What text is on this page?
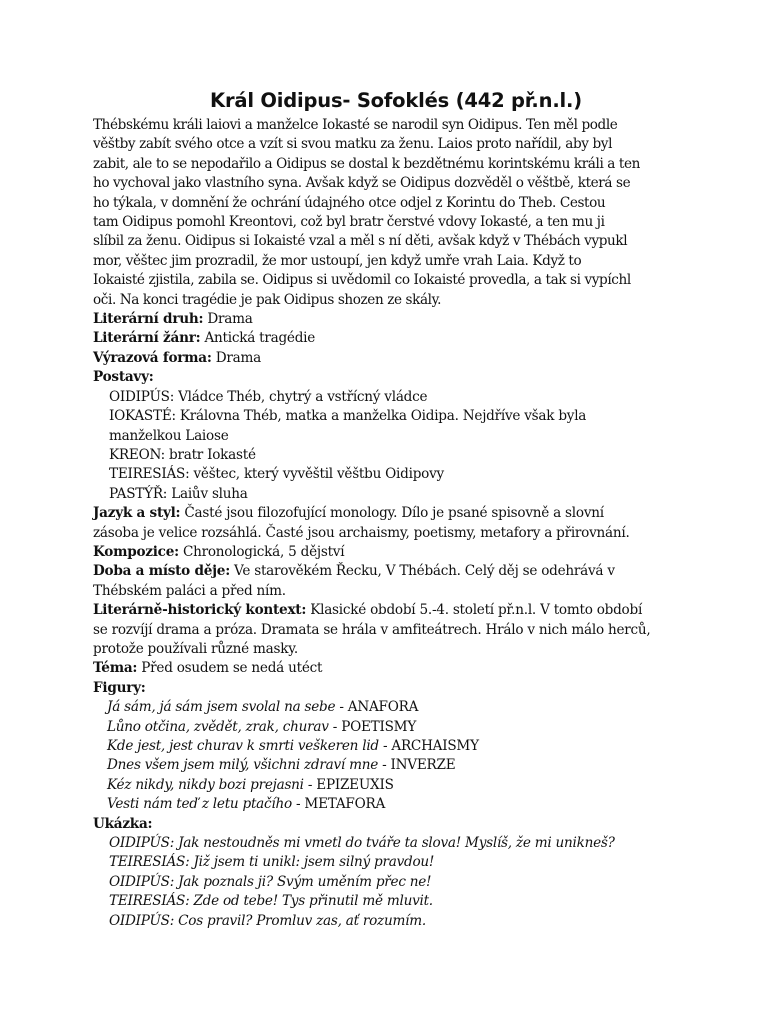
Král Oidipus- Sofoklés (442 př.n.l.)

Thébskému králi laiovi a manželce Iokasté se narodil syn Oidipus. Ten měl podle

věštby zabít svého otce a vzít si svou matku za ženu. Laios proto nařídil, aby byl

zabit, ale to se nepodařilo a Oidipus se dostal k bezdětnému korintskému králi a ten

ho vychoval jako vlastního syna. Avšak když se Oidipus dozvěděl o věštbě, která se

ho týkala, v domnění že ochrání údajného otce odjel z Korintu do Theb. Cestou

tam Oidipus pomohl Kreontovi, což byl bratr čerstvé vdovy Iokasté, a ten mu ji

slíbil za ženu. Oidipus si Iokaisté vzal a měl s ní děti, avšak když v Thébách vypukl

mor, věštec jim prozradil, že mor ustoupí, jen když umře vrah Laia. Když to

Iokaisté zjistila, zabila se. Oidipus si uvědomil co Iokaisté provedla, a tak si vypíchl

oči. Na konci tragédie je pak Oidipus shozen ze skály.

Literární druh: Drama

Literární žánr: Antická tragédie

Výrazová forma: Drama

Postavy:

OIDIPÚS: Vládce Théb, chytrý a vstřícný vládce

IOKASTÉ: Královna Théb, matka a manželka Oidipa. Nejdříve však byla

manželkou Laiose

KREON: bratr Iokasté

TEIRESIÁS: věštec, který vyvěštil věštbu Oidipovy

PASTÝŘ: Laiův sluha

Jazyk a styl: Časté jsou filozofující monology. Dílo je psané spisovně a slovní

zásoba je velice rozsáhlá. Časté jsou archaismy, poetismy, metafory a přirovnání.

Kompozice: Chronologická, 5 dějství

Doba a místo děje: Ve starověkém Řecku, V Thébách. Celý děj se odehrává v

Thébském paláci a před ním.

Literárně-historický kontext: Klasické období 5.-4. století př.n.l. V tomto období

se rozvíjí drama a próza. Dramata se hrála v amfiteátrech. Hrálo v nich málo herců,

protože používali různé masky.

Téma: Před osudem se nedá utéct

Figury:

Já sám, já sám jsem svolal na sebe - ANAFORA

Lůno otčina, zvědět, zrak, churav - POETISMY

Kde jest, jest churav k smrti veškeren lid - ARCHAISMY

Dnes všem jsem milý, všichni zdraví mne - INVERZE

Kéz nikdy, nikdy bozi prejasni - EPIZEUXIS

Vesti nám teď z letu ptačího - METAFORA

Ukázka:

OIDIPÚS: Jak nestoudněs mi vmetl do tváře ta slova! Myslíš, že mi unikneš?

TEIRESIÁS: Již jsem ti unikl: jsem silný pravdou!

OIDIPÚS: Jak poznals ji? Svým uměním přec ne!

TEIRESIÁS: Zde od tebe! Tys přinutil mě mluvit.

OIDIPÚS: Cos pravil? Promluv zas, ať rozumím.
